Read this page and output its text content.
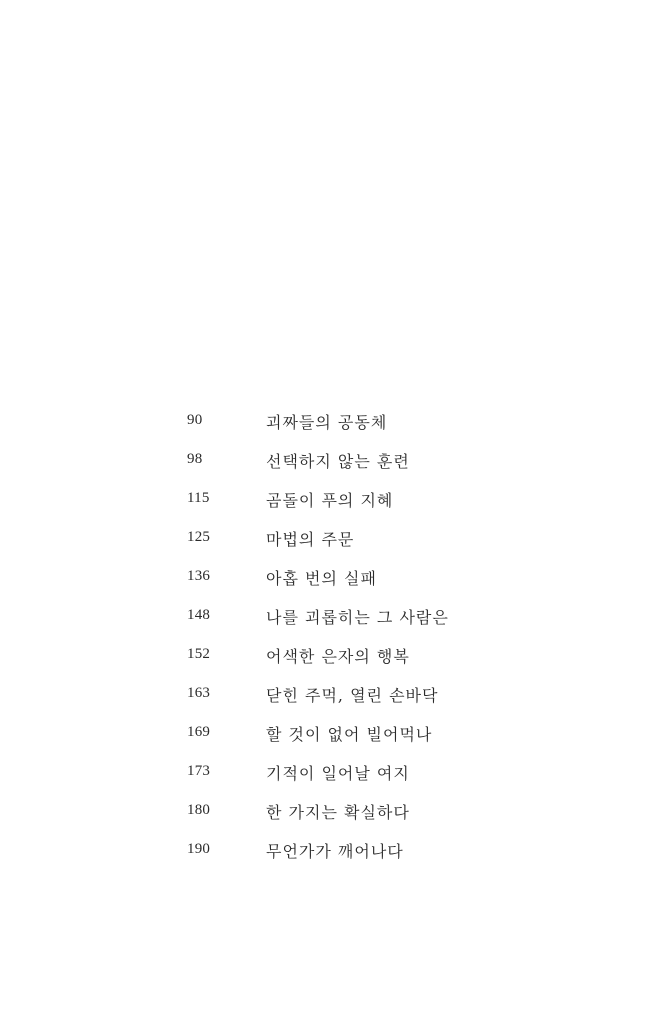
90	괴짜들의 공동체
98	선택하지 않는 훈련
115	곰돌이 푸의 지혜
125	마법의 주문
136	아홉 번의 실패
148	나를 괴롭히는 그 사람은
152	어색한 은자의 행복
163	닫힌 주먹, 열린 손바닥
169	할 것이 없어 빌어먹나
173	기적이 일어날 여지
180	한 가지는 확실하다
190	무언가가 깨어나다
